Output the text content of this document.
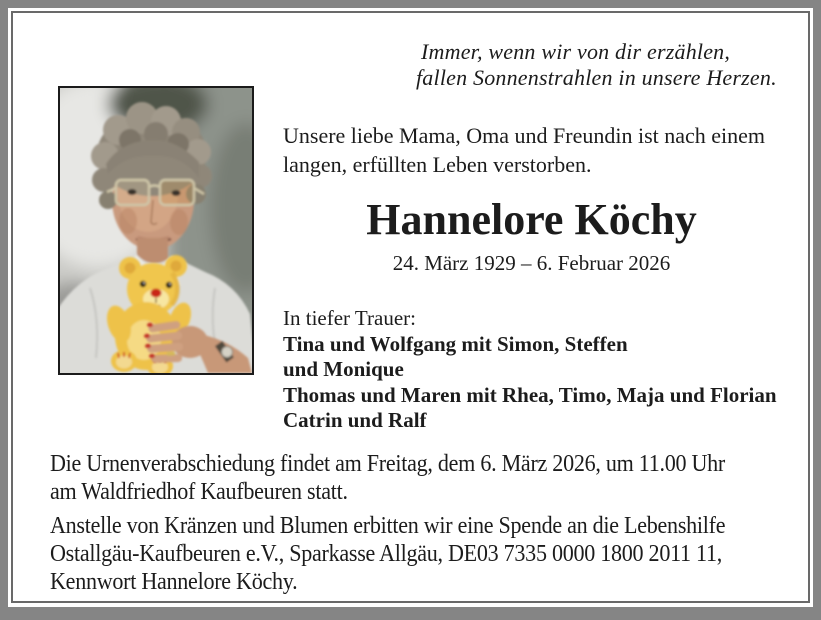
Immer, wenn wir von dir erzählen,
fallen Sonnenstrahlen in unsere Herzen.
Unsere liebe Mama, Oma und Freundin ist nach einem
langen, erfüllten Leben verstorben.
Hannelore Köchy
24. März 1929 – 6. Februar 2026
In tiefer Trauer:
Tina und Wolfgang mit Simon, Steffen
und Monique
Thomas und Maren mit Rhea, Timo, Maja und Florian
Catrin und Ralf
Die Urnenverabschiedung findet am Freitag, dem 6. März 2026, um 11.00 Uhr
am Waldfriedhof Kaufbeuren statt.
Anstelle von Kränzen und Blumen erbitten wir eine Spende an die Lebenshilfe
Ostallgäu-Kaufbeuren e.V., Sparkasse Allgäu, DE03 7335 0000 1800 2011 11,
Kennwort Hannelore Köchy.
